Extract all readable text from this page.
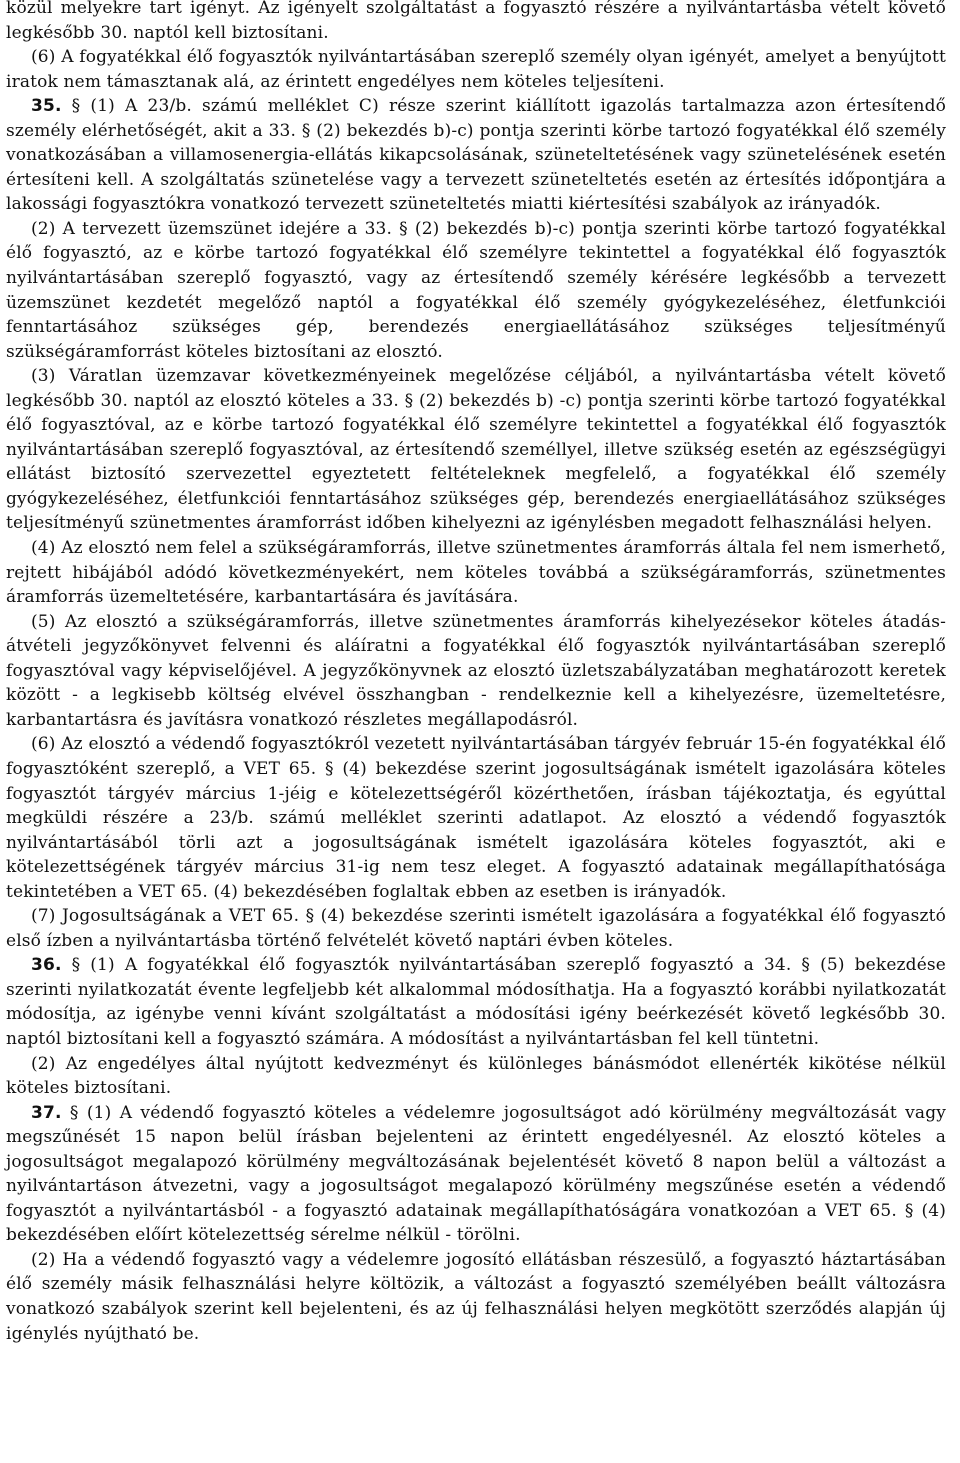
közül melyekre tart igényt. Az igényelt szolgáltatást a fogyasztó részére a nyilvántartásba vételt követő legkésőbb 30. naptól kell biztosítani.

(6) A fogyatékkal élő fogyasztók nyilvántartásában szereplő személy olyan igényét, amelyet a benyújtott iratok nem támasztanak alá, az érintett engedélyes nem köteles teljesíteni.

35. § (1) A 23/b. számú melléklet C) része szerint kiállított igazolás tartalmazza azon értesítendő személy elérhetőségét, akit a 33. § (2) bekezdés b)-c) pontja szerinti körbe tartozó fogyatékkal élő személy vonatkozásában a villamosenergia-ellátás kikapcsolásának, szüneteltetésének vagy szünetelésének esetén értesíteni kell. A szolgáltatás szünetelése vagy a tervezett szüneteltetés esetén az értesítés időpontjára a lakossági fogyasztókra vonatkozó tervezett szüneteltetés miatti kiértesítési szabályok az irányadók.

(2) A tervezett üzemszünet idejére a 33. § (2) bekezdés b)-c) pontja szerinti körbe tartozó fogyatékkal élő fogyasztó, az e körbe tartozó fogyatékkal élő személyre tekintettel a fogyatékkal élő fogyasztók nyilvántartásában szereplő fogyasztó, vagy az értesítendő személy kérésére legkésőbb a tervezett üzemszünet kezdetét megelőző naptól a fogyatékkal élő személy gyógykezeléséhez, életfunkciói fenntartásához szükséges gép, berendezés energiaellátásához szükséges teljesítményű szükségáramforrást köteles biztosítani az elosztó.

(3) Váratlan üzemzavar következményeinek megelőzése céljából, a nyilvántartásba vételt követő legkésőbb 30. naptól az elosztó köteles a 33. § (2) bekezdés b) -c) pontja szerinti körbe tartozó fogyatékkal élő fogyasztóval, az e körbe tartozó fogyatékkal élő személyre tekintettel a fogyatékkal élő fogyasztók nyilvántartásában szereplő fogyasztóval, az értesítendő személlyel, illetve szükség esetén az egészségügyi ellátást biztosító szervezettel egyeztetett feltételeknek megfelelő, a fogyatékkal élő személy gyógykezeléséhez, életfunkciói fenntartásához szükséges gép, berendezés energiaellátásához szükséges teljesítményű szünetmentes áramforrást időben kihelyezni az igénylésben megadott felhasználási helyen.

(4) Az elosztó nem felel a szükségáramforrás, illetve szünetmentes áramforrás általa fel nem ismerhető, rejtett hibájából adódó következményekért, nem köteles továbbá a szükségáramforrás, szünetmentes áramforrás üzemeltetésére, karbantartására és javítására.

(5) Az elosztó a szükségáramforrás, illetve szünetmentes áramforrás kihelyezésekor köteles átadás-átvételi jegyzőkönyvet felvenni és aláíratni a fogyatékkal élő fogyasztók nyilvántartásában szereplő fogyasztóval vagy képviselőjével. A jegyzőkönyvnek az elosztó üzletszabályzatában meghatározott keretek között - a legkisebb költség elvével összhangban - rendelkeznie kell a kihelyezésre, üzemeltetésre, karbantartásra és javításra vonatkozó részletes megállapodásról.

(6) Az elosztó a védendő fogyasztókról vezetett nyilvántartásában tárgyév február 15-én fogyatékkal élő fogyasztóként szereplő, a VET 65. § (4) bekezdése szerint jogosultságának ismételt igazolására köteles fogyasztót tárgyév március 1-jéig e kötelezettségéről közérthetően, írásban tájékoztatja, és egyúttal megküldi részére a 23/b. számú melléklet szerinti adatlapot. Az elosztó a védendő fogyasztók nyilvántartásából törli azt a jogosultságának ismételt igazolására köteles fogyasztót, aki e kötelezettségének tárgyév március 31-ig nem tesz eleget. A fogyasztó adatainak megállapíthatósága tekintetében a VET 65. (4) bekezdésében foglaltak ebben az esetben is irányadók.

(7) Jogosultságának a VET 65. § (4) bekezdése szerinti ismételt igazolására a fogyatékkal élő fogyasztó első ízben a nyilvántartásba történő felvételét követő naptári évben köteles.

36. § (1) A fogyatékkal élő fogyasztók nyilvántartásában szereplő fogyasztó a 34. § (5) bekezdése szerinti nyilatkozatát évente legfeljebb két alkalommal módosíthatja. Ha a fogyasztó korábbi nyilatkozatát módosítja, az igénybe venni kívánt szolgáltatást a módosítási igény beérkezését követő legkésőbb 30. naptól biztosítani kell a fogyasztó számára. A módosítást a nyilvántartásban fel kell tüntetni.

(2) Az engedélyes által nyújtott kedvezményt és különleges bánásmódot ellenérték kikötése nélkül köteles biztosítani.

37. § (1) A védendő fogyasztó köteles a védelemre jogosultságot adó körülmény megváltozását vagy megszűnését 15 napon belül írásban bejelenteni az érintett engedélyesnél. Az elosztó köteles a jogosultságot megalapozó körülmény megváltozásának bejelentését követő 8 napon belül a változást a nyilvántartáson átvezetni, vagy a jogosultságot megalapozó körülmény megszűnése esetén a védendő fogyasztót a nyilvántartásból - a fogyasztó adatainak megállapíthatóságára vonatkozóan a VET 65. § (4) bekezdésében előírt kötelezettség sérelme nélkül - törölni.

(2) Ha a védendő fogyasztó vagy a védelemre jogosító ellátásban részesülő, a fogyasztó háztartásában élő személy másik felhasználási helyre költözik, a változást a fogyasztó személyében beállt változásra vonatkozó szabályok szerint kell bejelenteni, és az új felhasználási helyen megkötött szerződés alapján új igénylés nyújtható be.
